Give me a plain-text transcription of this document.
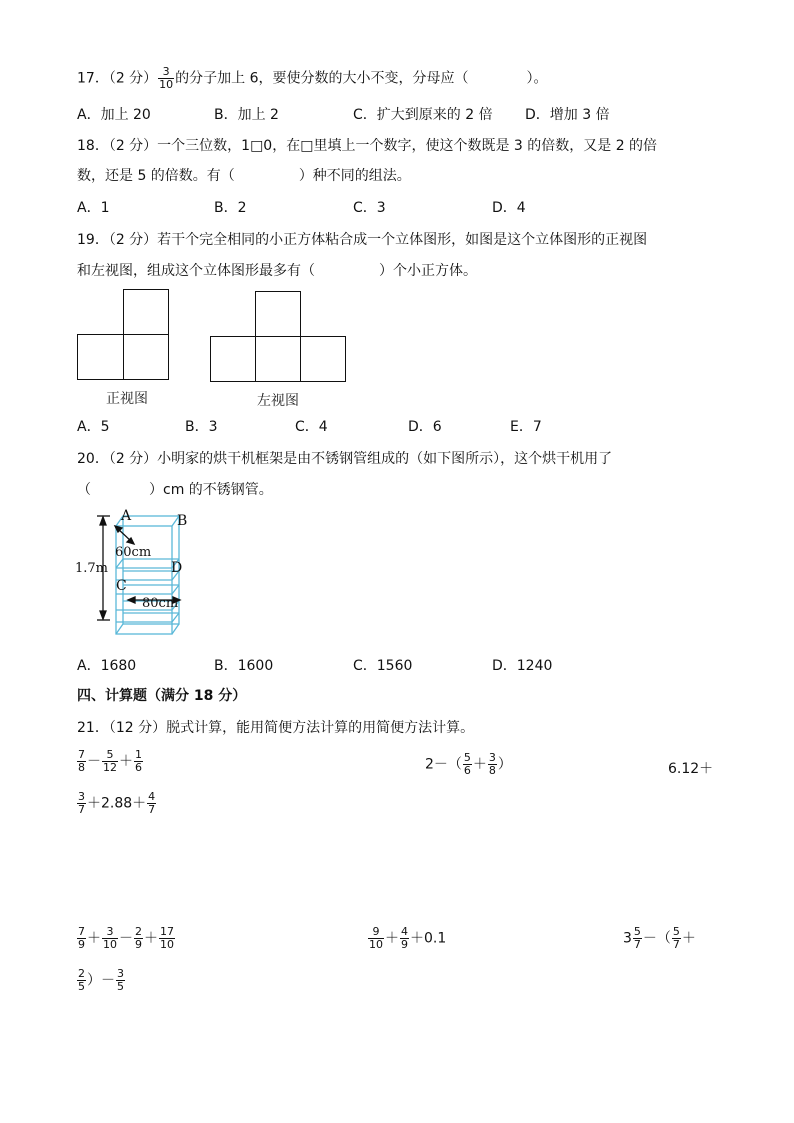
17．（2 分） $\frac{3}{10}$ 的分子加上 6，要使分数的大小不变，分母应（	）。
A．加上 20	B．加上 2	C．扩大到原来的 2 倍 D．增加 3 倍
18．（2 分）一个三位数，1□0，在□里填上一个数字，使这个数既是 3 的倍数，又是 2 的倍
数，还是 5 的倍数。有（	）种不同的组法。
A．1	B．2	C．3	D．4
19．（2 分）若干个完全相同的小正方体粘合成一个立体图形，如图是这个立体图形的正视图
和左视图，组成这个立体图形最多有（	）个小正方体。
正视图	左视图
A．5	B．3	C．4	D．6	E．7
20．（2 分）小明家的烘干机框架是由不锈钢管组成的（如下图所示），这个烘干机用了
（	）cm 的不锈钢管。
A	B
60cm
1.7m	D
C
80cm
A．1680	B．1600	C．1560	D．1240
四、计算题（满分 18 分）
21．（12 分）脱式计算，能用简便方法计算的用简便方法计算。
$\frac{7}{8} - \frac{5}{12} + \frac{1}{6}$	$2-( \frac{5}{6} + \frac{3}{8}$ ）	6.12＋
$\frac{3}{7} +2.88+ \frac{4}{7}$
$\frac{7}{9} + \frac{3}{10} - \frac{2}{9} + \frac{17}{10}$	$\frac{9}{10} + \frac{4}{9} +0.1$	$3 \frac{5}{7}$ －（ $\frac{5}{7}$ ＋
$\frac{2}{5}$ ）－ $\frac{3}{5}$
